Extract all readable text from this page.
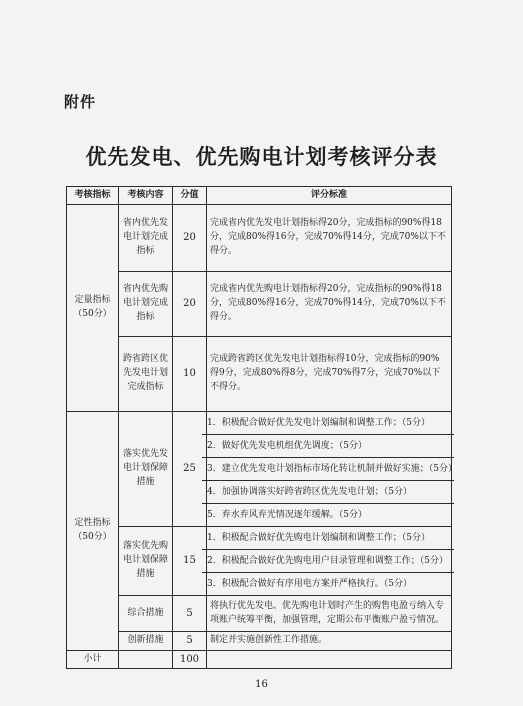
附件
优先发电、优先购电计划考核评分表
考核指标	考核内容	分值	评分标准
定量指标（50分）	省内优先发电计划完成指标	20	完成省内优先发电计划指标得20分，完成指标的90%得18分，完成80%得16分，完成70%得14分，完成70%以下不得分。
	省内优先购电计划完成指标	20	完成省内优先购电计划指标得20分，完成指标的90%得18分，完成80%得16分，完成70%得14分，完成70%以下不得分。
	跨省跨区优先发电计划完成指标	10	完成跨省跨区优先发电计划指标得10分，完成指标的90%得9分，完成80%得8分，完成70%得7分，完成70%以下不得分。
定性指标（50分）	落实优先发电计划保障措施	25	1．积极配合做好优先发电计划编制和调整工作；（5分）
2．做好优先发电机组优先调度；（5分）
3．建立优先发电计划指标市场化转让机制并做好实施；（5分）
4．加强协调落实好跨省跨区优先发电计划；（5分）
5．弃水弃风弃光情况逐年缓解。（5分）

	落实优先购电计划保障措施	15	1．积极配合做好优先购电计划编制和调整工作；（5分）
2．积极配合做好优先购电用户目录管理和调整工作；（5分）
3．积极配合做好有序用电方案并严格执行。（5分）

	综合措施	5	将执行优先发电、优先购电计划时产生的购售电盈亏纳入专项账户统筹平衡，加强管理，定期公布平衡账户盈亏情况。
	创新措施	5	制定并实施创新性工作措施。
小计		100	
16
